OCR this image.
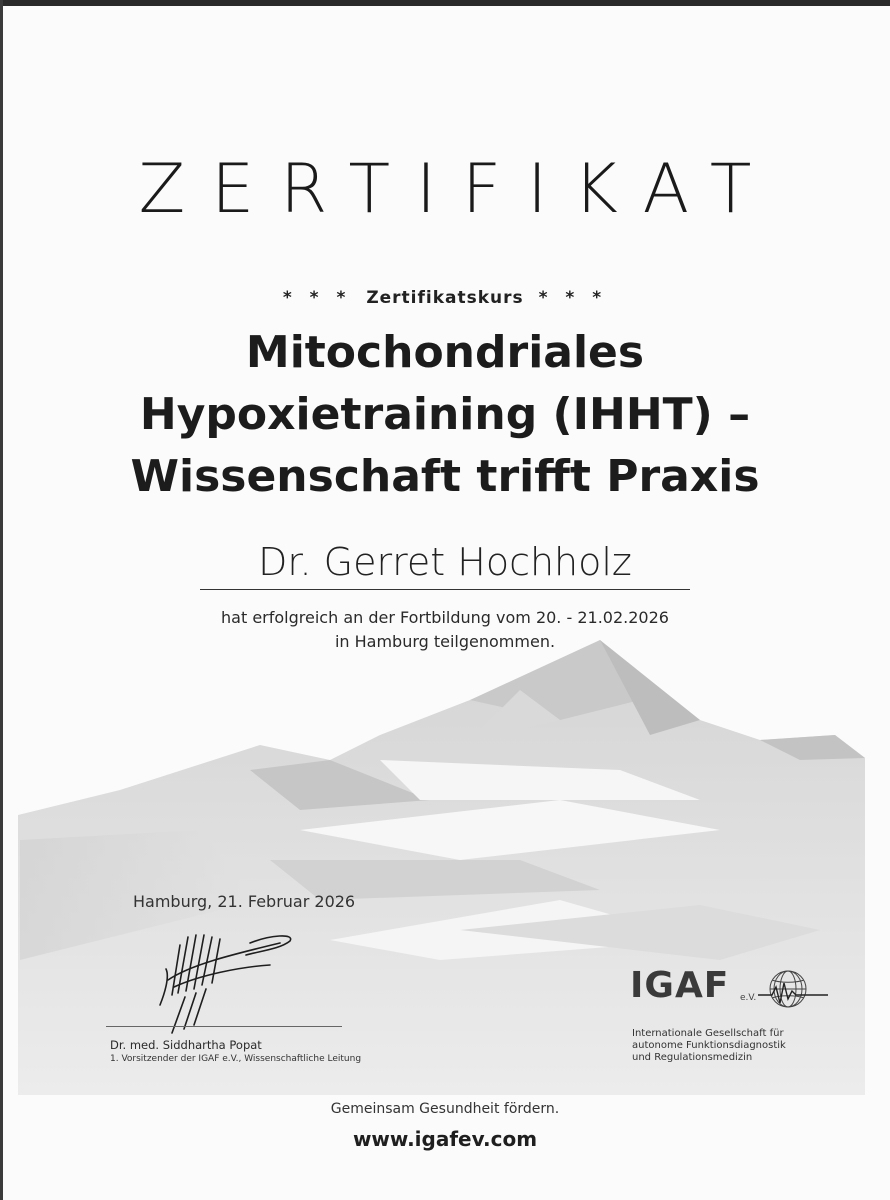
ZERTIFIKAT
* * * Zertifikatskurs * * *
Mitochondriales
Hypoxietraining (IHHT) –
Wissenschaft trifft Praxis
Dr. Gerret Hochholz
hat erfolgreich an der Fortbildung vom 20. - 21.02.2026
in Hamburg teilgenommen.
Hamburg, 21. Februar 2026
Dr. med. Siddhartha Popat
1. Vorsitzender der IGAF e.V., Wissenschaftliche Leitung
IGAF e.V.
Internationale Gesellschaft für
autonome Funktionsdiagnostik
und Regulationsmedizin
Gemeinsam Gesundheit fördern.
www.igafev.com
